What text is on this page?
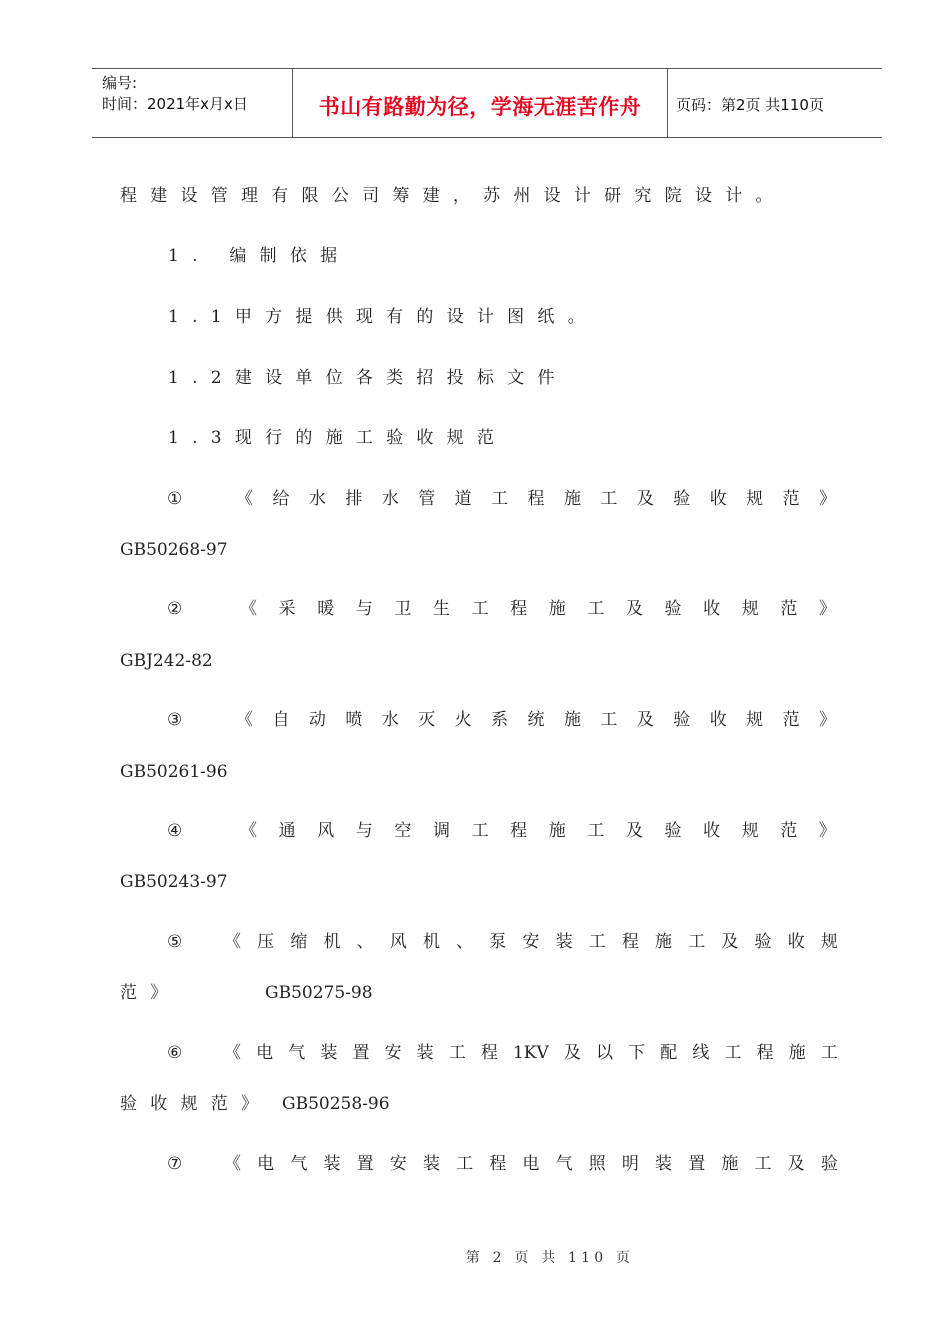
编号:
时间：2021年x月x日	书山有路勤为径，学海无涯苦作舟	页码：第2页 共110页
程建设管理有限公司筹建，苏州设计研究院设计。
1. 编制依据
1.1甲方提供现有的设计图纸。
1.2建设单位各类招投标文件
1.3现行的施工验收规范
①	《 给 水 排 水 管 道 工 程 施 工 及 验 收 规 范 》
GB50268-97
②	《 采 暖 与 卫 生 工 程 施 工 及 验 收 规 范 》
GBJ242-82
③	《 自 动 喷 水 灭 火 系 统 施 工 及 验 收 规 范 》
GB50261-96
④	《 通 风 与 空 调 工 程 施 工 及 验 收 规 范 》
GB50243-97
⑤ 《 压 缩 机 、 风 机 、 泵 安 装 工 程 施 工 及 验 收 规
范》	GB50275-98
⑥ 《 电 气 装 置 安 装 工 程 1KV 及 以 下 配 线 工 程 施 工
验收规范》 GB50258-96
⑦ 《 电 气 装 置 安 装 工 程 电 气 照 明 装 置 施 工 及 验
第 2 页 共 110 页
